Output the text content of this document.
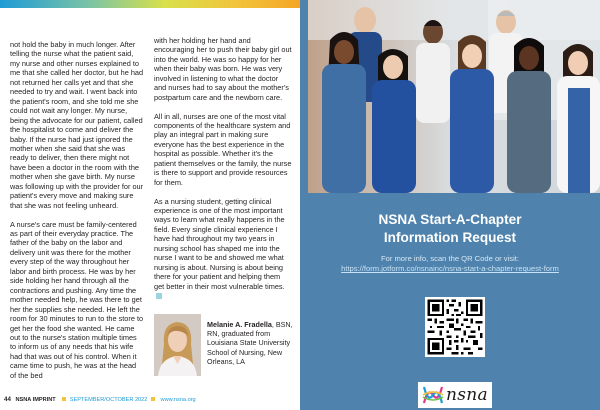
not hold the baby in much longer. After telling the nurse what the patient said, my nurse and other nurses explained to me that she called her doctor, but he had not returned her calls yet and that she needed to try and wait. I went back into the patient's room, and she told me she could not wait any longer. My nurse, being the advocate for our patient, called the hospitalist to come and deliver the baby. If the nurse had just ignored the mother when she said that she was ready to deliver, then there might not have been a doctor in the room with the mother when she gave birth. My nurse was following up with the provider for our patient's every move and making sure that she was not feeling unheard.

A nurse's care must be family-centered as part of their everyday practice. The father of the baby on the labor and delivery unit was there for the mother every step of the way throughout her labor and birth process. He was by her side holding her hand through all the contractions and pushing. Any time the mother needed help, he was there to get her the supplies she needed. He left the room for 30 minutes to run to the store to get her the food she wanted. He came out to the nurse's station multiple times to inform us of any needs that his wife had that was out of his control. When it came time to push, he was at the head of the bed

with her holding her hand and encouraging her to push their baby girl out into the world. He was so happy for her when their baby was born. He was very involved in listening to what the doctor and nurses had to say about the mother's postpartum care and the newborn care.

All in all, nurses are one of the most vital components of the healthcare system and play an integral part in making sure everyone has the best experience in the hospital as possible. Whether it's the patient themselves or the family, the nurse is there to support and provide resources for them.

As a nursing student, getting clinical experience is one of the most important ways to learn what really happens in the field. Every single clinical experience I have had throughout my two years in nursing school has shaped me into the nurse I want to be and showed me what nursing is about. Nursing is about being there for your patient and helping them get better in their most vulnerable times.

Melanie A. Fradella, BSN, RN, graduated from Louisiana State University School of Nursing, New Orleans, LA
44 NSNA IMPRINT	SEPTEMBER/OCTOBER 2022 www.nsna.org
NSNA Start-A-Chapter
Information Request
For more info, scan the QR Code or visit:
https://form.jotform.co/nsnainc/nsna-start-a-chapter-request-form
nsna
